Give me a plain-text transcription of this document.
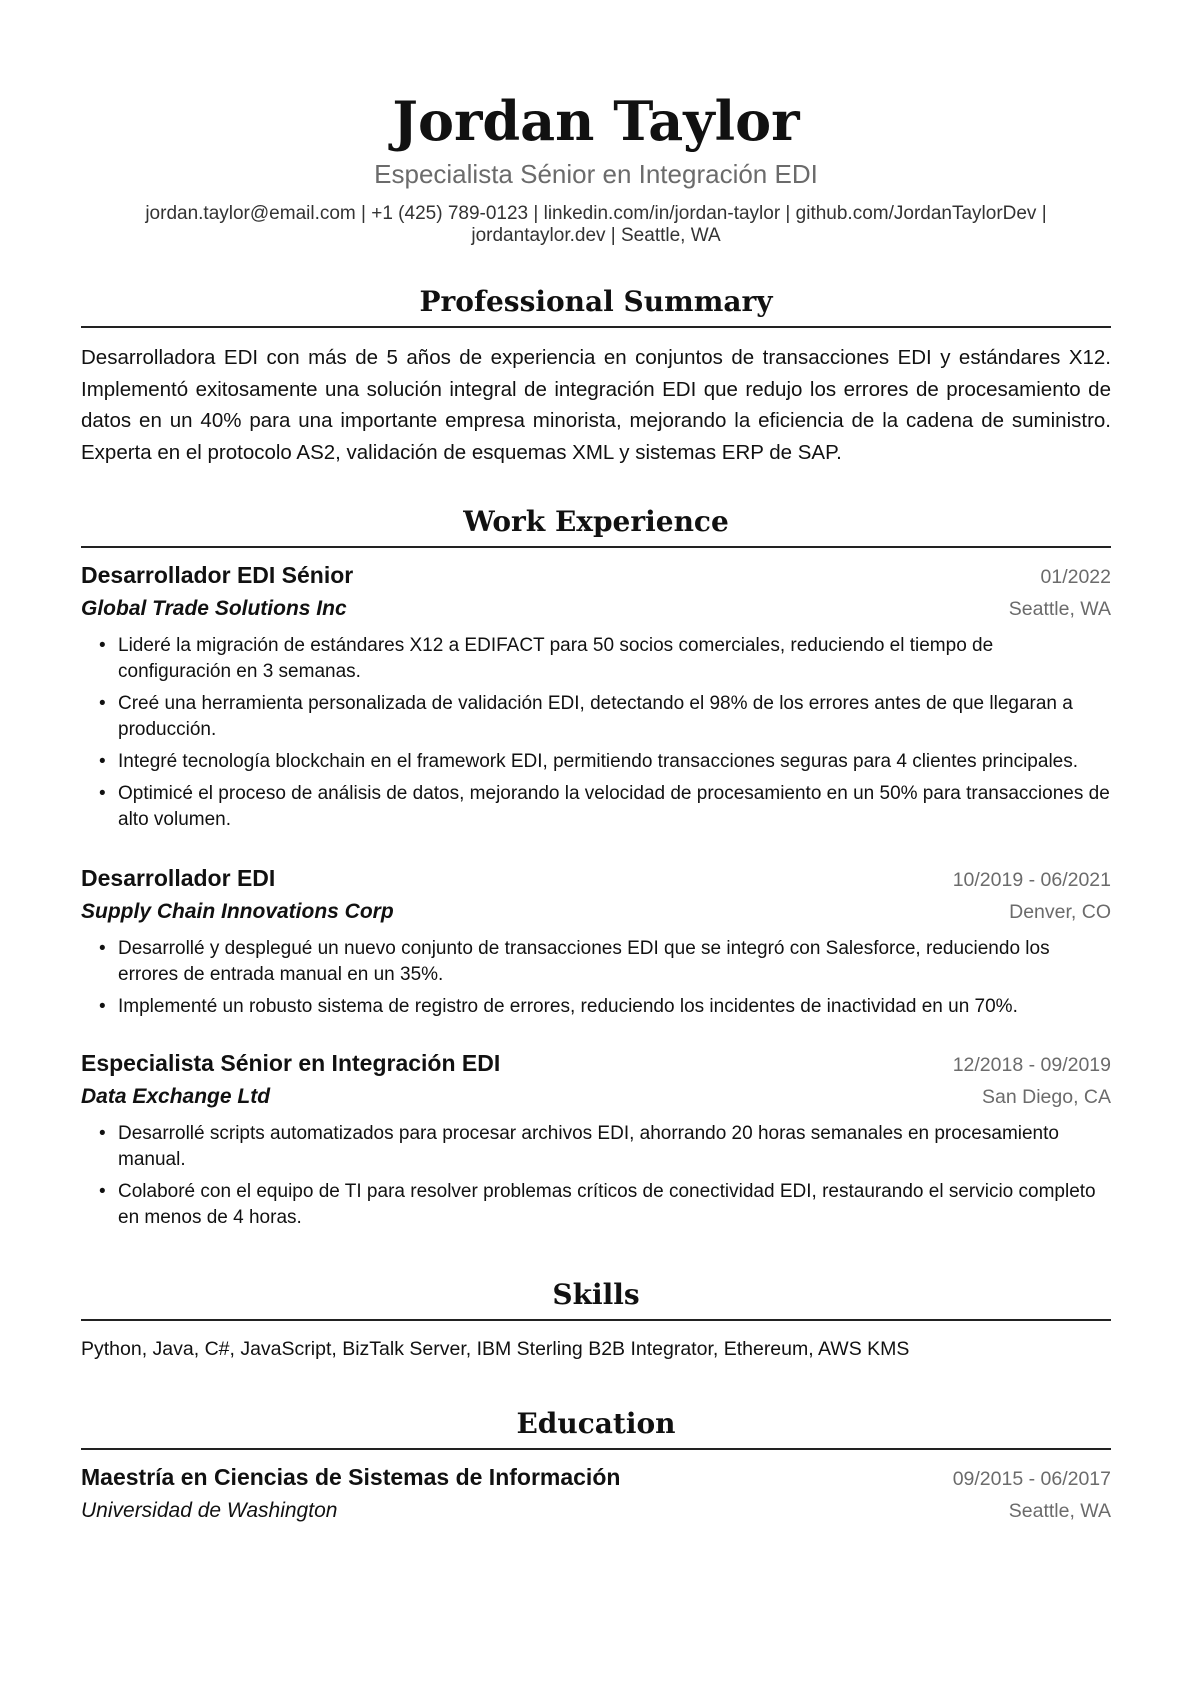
Jordan Taylor
Especialista Sénior en Integración EDI
jordan.taylor@email.com | +1 (425) 789-0123 | linkedin.com/in/jordan-taylor | github.com/JordanTaylorDev |
jordantaylor.dev | Seattle, WA
Professional Summary
Desarrolladora EDI con más de 5 años de experiencia en conjuntos de transacciones EDI y estándares X12. Implementó exitosamente una solución integral de integración EDI que redujo los errores de procesamiento de datos en un 40% para una importante empresa minorista, mejorando la eficiencia de la cadena de suministro. Experta en el protocolo AS2, validación de esquemas XML y sistemas ERP de SAP.
Work Experience
Desarrollador EDI Sénior	01/2022
Global Trade Solutions Inc	Seattle, WA
• Lideré la migración de estándares X12 a EDIFACT para 50 socios comerciales, reduciendo el tiempo de configuración en 3 semanas.
• Creé una herramienta personalizada de validación EDI, detectando el 98% de los errores antes de que llegaran a producción.
• Integré tecnología blockchain en el framework EDI, permitiendo transacciones seguras para 4 clientes principales.
• Optimicé el proceso de análisis de datos, mejorando la velocidad de procesamiento en un 50% para transacciones de alto volumen.
Desarrollador EDI	10/2019 - 06/2021
Supply Chain Innovations Corp	Denver, CO
• Desarrollé y desplegué un nuevo conjunto de transacciones EDI que se integró con Salesforce, reduciendo los errores de entrada manual en un 35%.
• Implementé un robusto sistema de registro de errores, reduciendo los incidentes de inactividad en un 70%.
Especialista Sénior en Integración EDI	12/2018 - 09/2019
Data Exchange Ltd	San Diego, CA
• Desarrollé scripts automatizados para procesar archivos EDI, ahorrando 20 horas semanales en procesamiento manual.
• Colaboré con el equipo de TI para resolver problemas críticos de conectividad EDI, restaurando el servicio completo en menos de 4 horas.
Skills
Python, Java, C#, JavaScript, BizTalk Server, IBM Sterling B2B Integrator, Ethereum, AWS KMS
Education
Maestría en Ciencias de Sistemas de Información	09/2015 - 06/2017
Universidad de Washington	Seattle, WA
